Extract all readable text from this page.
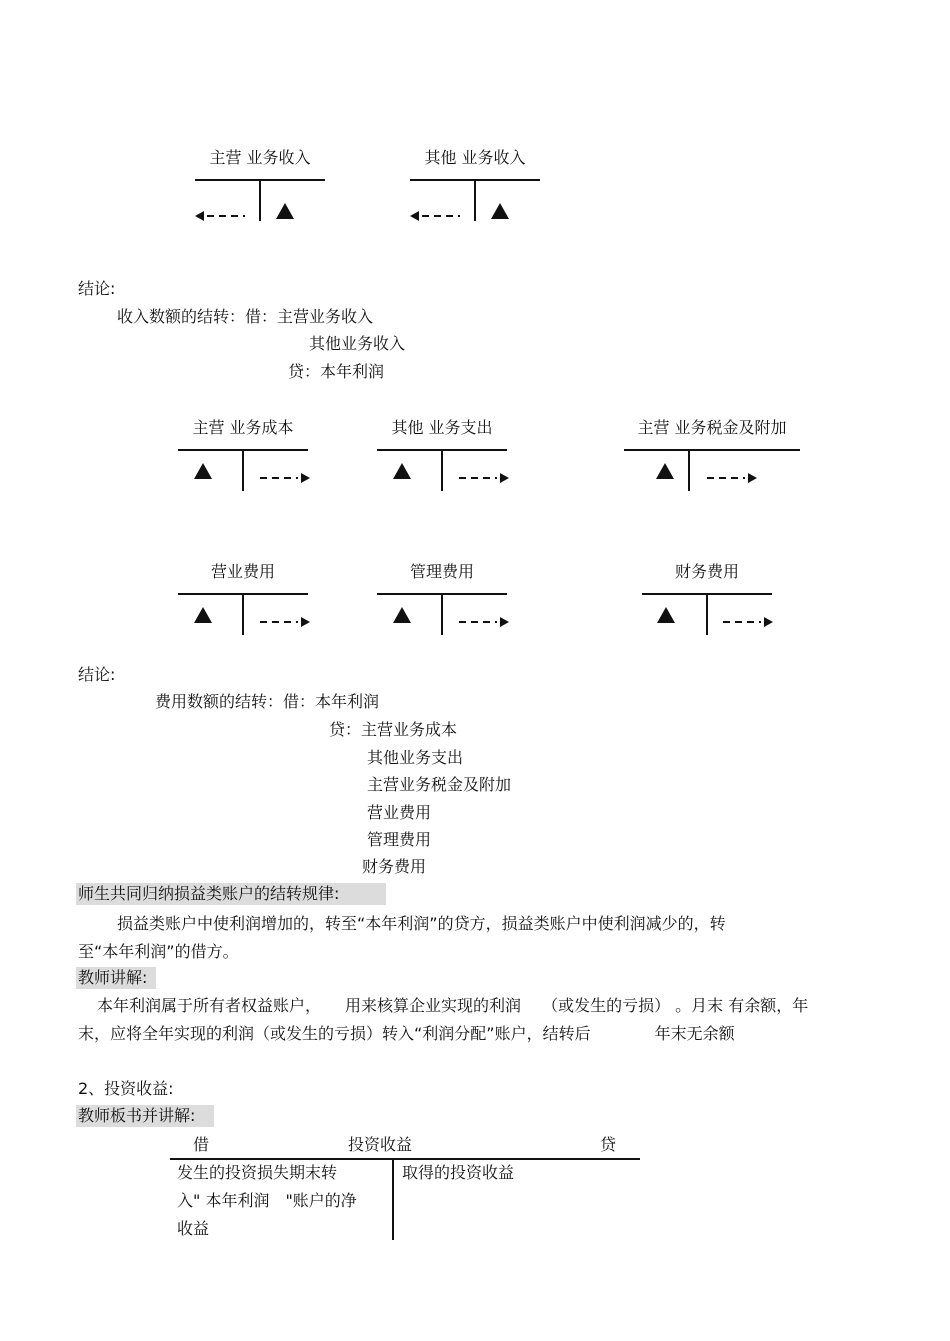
主营 业务收入	其他 业务收入
结论:
收入数额的结转：借：主营业务收入
其他业务收入
贷：本年利润
主营 业务成本	其他 业务支出	主营 业务税金及附加
营业费用	管理费用	财务费用
结论:
费用数额的结转：借：本年利润
贷：主营业务成本
其他业务支出
主营业务税金及附加
营业费用
管理费用
财务费用
师生共同归纳损益类账户的结转规律:
损益类账户中使利润增加的，转至“本年利润”的贷方，损益类账户中使利润减少的，转
至“本年利润”的借方。
教师讲解:
本年利润属于所有者权益账户，　　用来核算企业实现的利润　 （或发生的亏损） 。月末 有余额，年
末，应将全年实现的利润（或发生的亏损）转入“利润分配”账户，结转后　　　　年末无余额
2、投资收益:
教师板书并讲解:
借	投资收益	贷
发生的投资损失期末转
入" 本年利润　"账户的净
收益
取得的投资收益
